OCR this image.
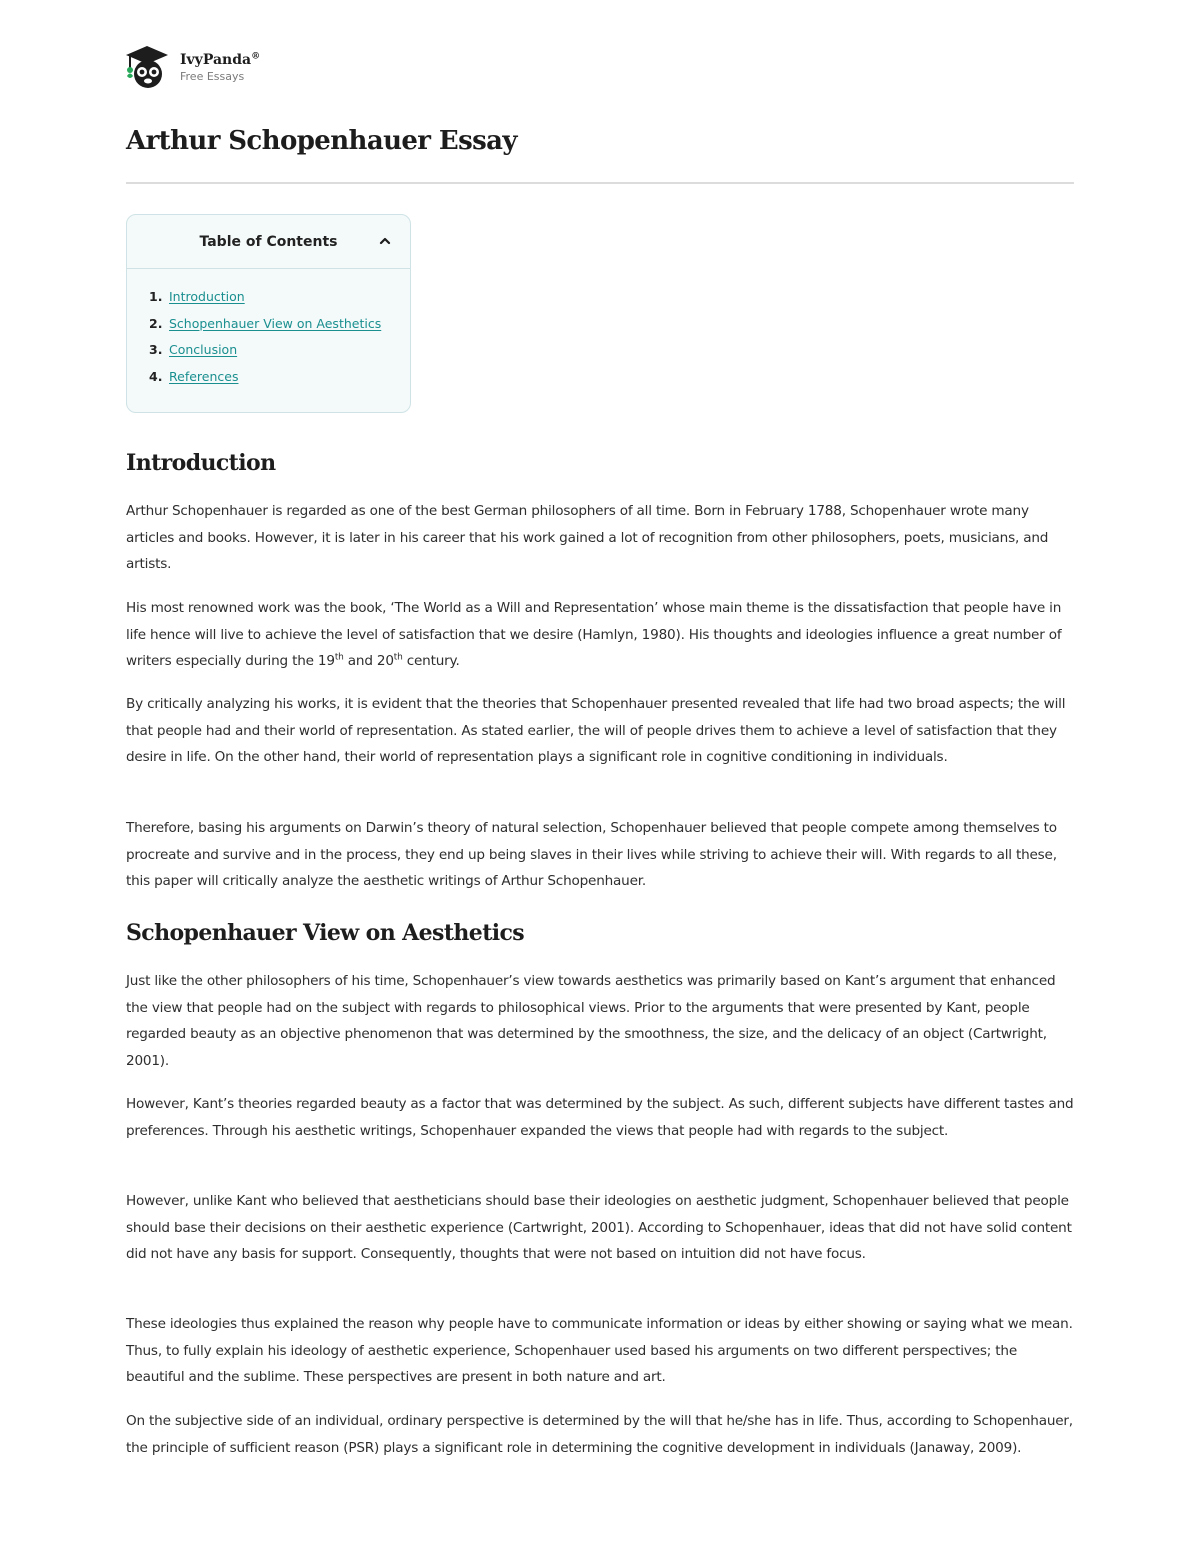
IvyPanda®
Free Essays
Arthur Schopenhauer Essay
Table of Contents
1. Introduction
2. Schopenhauer View on Aesthetics
3. Conclusion
4. References
Introduction

Arthur Schopenhauer is regarded as one of the best German philosophers of all time. Born in February 1788, Schopenhauer wrote many articles and books. However, it is later in his career that his work gained a lot of recognition from other philosophers, poets, musicians, and artists.

His most renowned work was the book, ‘The World as a Will and Representation’ whose main theme is the dissatisfaction that people have in life hence will live to achieve the level of satisfaction that we desire (Hamlyn, 1980). His thoughts and ideologies influence a great number of writers especially during the 19th and 20th century.

By critically analyzing his works, it is evident that the theories that Schopenhauer presented revealed that life had two broad aspects; the will that people had and their world of representation. As stated earlier, the will of people drives them to achieve a level of satisfaction that they desire in life. On the other hand, their world of representation plays a significant role in cognitive conditioning in individuals.

Therefore, basing his arguments on Darwin’s theory of natural selection, Schopenhauer believed that people compete among themselves to procreate and survive and in the process, they end up being slaves in their lives while striving to achieve their will. With regards to all these, this paper will critically analyze the aesthetic writings of Arthur Schopenhauer.

Schopenhauer View on Aesthetics

Just like the other philosophers of his time, Schopenhauer’s view towards aesthetics was primarily based on Kant’s argument that enhanced the view that people had on the subject with regards to philosophical views. Prior to the arguments that were presented by Kant, people regarded beauty as an objective phenomenon that was determined by the smoothness, the size, and the delicacy of an object (Cartwright, 2001).

However, Kant’s theories regarded beauty as a factor that was determined by the subject. As such, different subjects have different tastes and preferences. Through his aesthetic writings, Schopenhauer expanded the views that people had with regards to the subject.

However, unlike Kant who believed that aestheticians should base their ideologies on aesthetic judgment, Schopenhauer believed that people should base their decisions on their aesthetic experience (Cartwright, 2001). According to Schopenhauer, ideas that did not have solid content did not have any basis for support. Consequently, thoughts that were not based on intuition did not have focus.

These ideologies thus explained the reason why people have to communicate information or ideas by either showing or saying what we mean. Thus, to fully explain his ideology of aesthetic experience, Schopenhauer used based his arguments on two different perspectives; the beautiful and the sublime. These perspectives are present in both nature and art.

On the subjective side of an individual, ordinary perspective is determined by the will that he/she has in life. Thus, according to Schopenhauer, the principle of sufficient reason (PSR) plays a significant role in determining the cognitive development in individuals (Janaway, 2009).
